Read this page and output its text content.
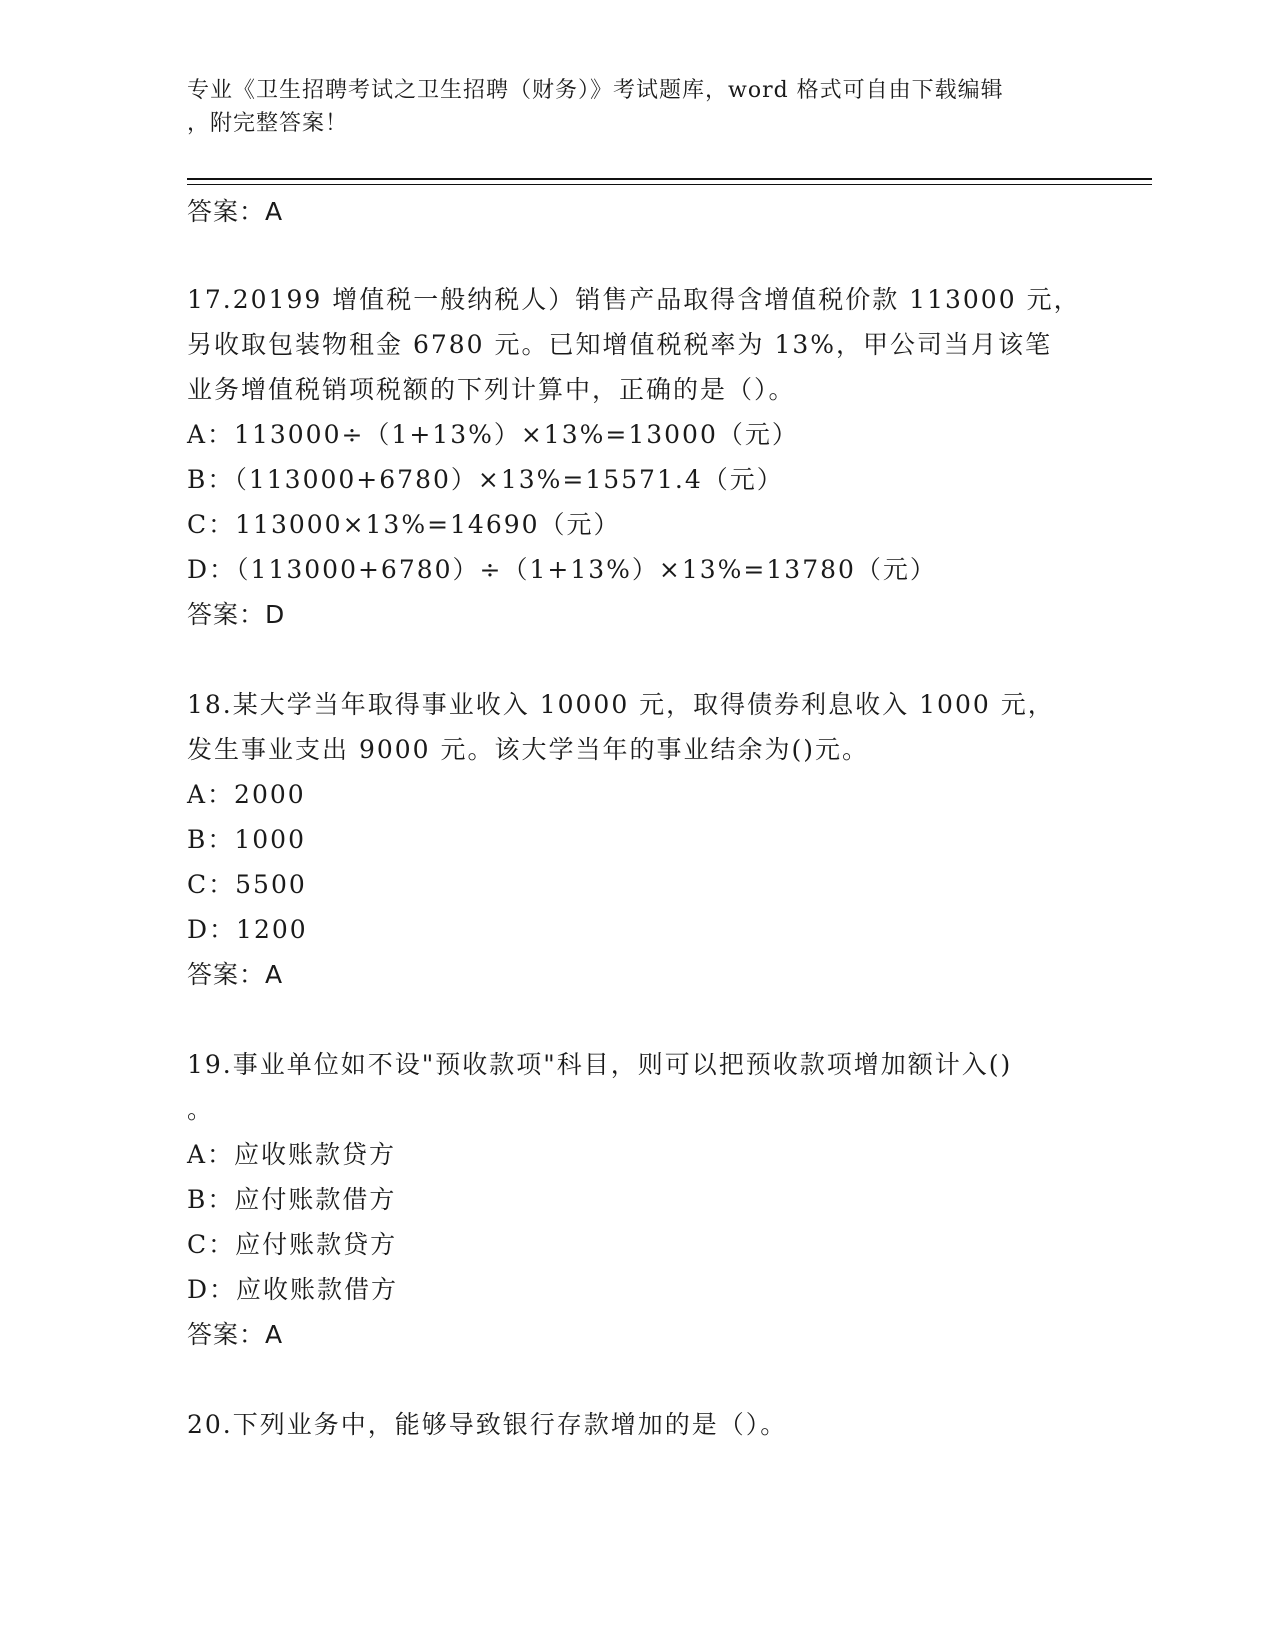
专业《卫生招聘考试之卫生招聘（财务）》考试题库，word 格式可自由下载编辑
，附完整答案！
答案：A
17.20199 增值税一般纳税人）销售产品取得含增值税价款 113000 元，
另收取包装物租金 6780 元。已知增值税税率为 13%，甲公司当月该笔
业务增值税销项税额的下列计算中，正确的是（）。
A：113000÷（1+13%）×13%=13000（元）
B：（113000+6780）×13%=15571.4（元）
C：113000×13%=14690（元）
D：（113000+6780）÷（1+13%）×13%=13780（元）
答案：D
18.某大学当年取得事业收入 10000 元，取得债券利息收入 1000 元，
发生事业支出 9000 元。该大学当年的事业结余为()元。
A：2000
B：1000
C：5500
D：1200
答案：A
19.事业单位如不设"预收款项"科目，则可以把预收款项增加额计入()
。
A：应收账款贷方
B：应付账款借方
C：应付账款贷方
D：应收账款借方
答案：A
20.下列业务中，能够导致银行存款增加的是（）。
